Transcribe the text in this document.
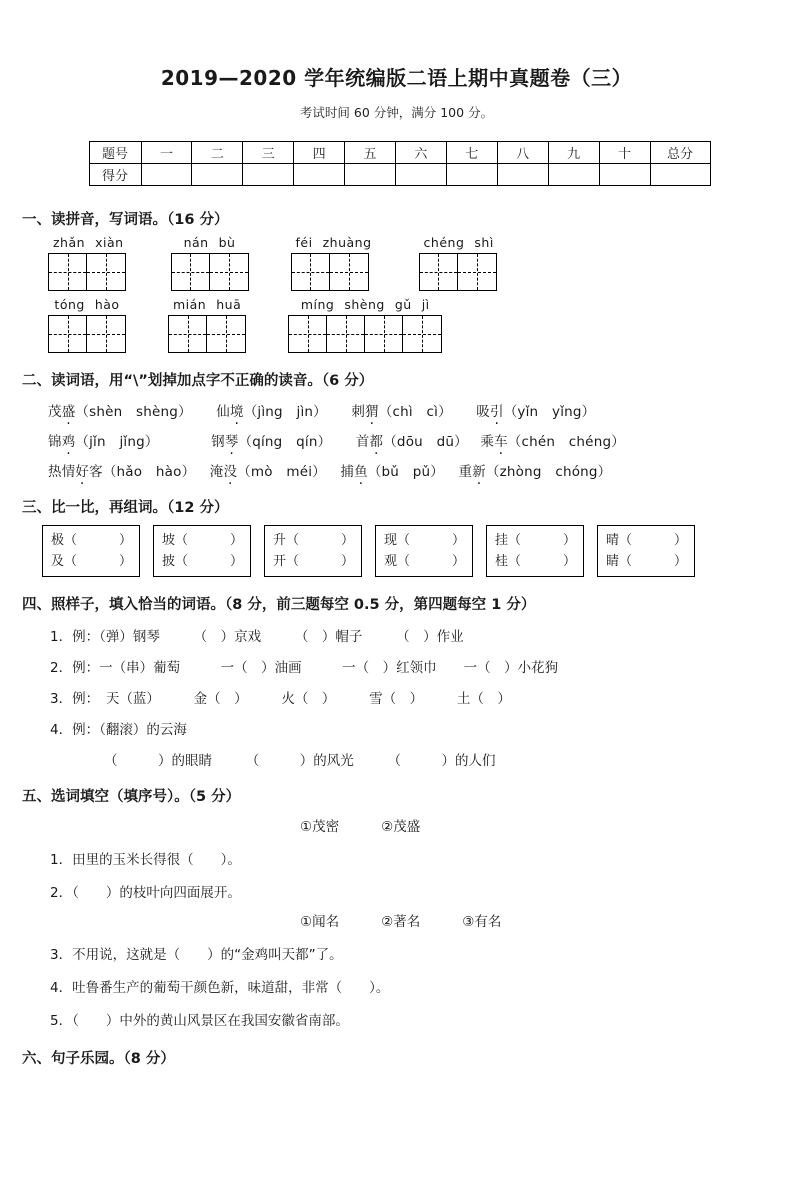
2019—2020 学年统编版二语上期中真题卷（三）
考试时间 60 分钟，满分 100 分。
题号	一	二	三	四	五	六	七	八	九	十	总分
得分											
一、读拼音，写词语。（16 分）
zhǎn xiàn	nán bù	féi zhuàng	chéng shì
tóng hào	mián huā	míng shèng gǔ jì
二、读词语，用“\”划掉加点字不正确的读音。（6 分）
茂盛（shèn　shèng） 仙境（jìng　jìn） 刺猬（chì　cì） 吸引（yǐn　yǐng）
锦鸡（jǐn　jǐng）	钢琴（qíng　qín） 首都（dōu　dū） 乘车（chén　chéng）
热情好客（hǎo　hào） 淹没（mò　méi） 捕鱼（bǔ　pǔ） 重新（zhòng　chóng）
三、比一比，再组词。（12 分）
极（	）
及（	）
坡（	）
披（	）
升（	）
开（	）
现（	）
观（	）
挂（	）
桂（	）
晴（	）
睛（	）
四、照样子，填入恰当的词语。（8 分，前三题每空 0.5 分，第四题每空 1 分）
1．例：（弹）钢琴　　　（　）京戏　　　（　）帽子　　　（　）作业
2．例：一（串）葡萄　　　一（　）油画　　　一（　）红领巾　　一（　）小花狗
3．例：　天（蓝）　　　金（　）　　　火（　）　　　雪（　）　　　土（　）
4．例：（翻滚）的云海
（　　　）的眼睛　　　（　　　）的风光　　　（　　　）的人们
五、选词填空（填序号）。（5 分）
①茂密	②茂盛
1．田里的玉米长得很（　　）。
2．（　　）的枝叶向四面展开。
①闻名	②著名	③有名
3．不用说，这就是（　　）的“金鸡叫天都”了。
4．吐鲁番生产的葡萄干颜色新，味道甜，非常（　　）。
5．（　　）中外的黄山风景区在我国安徽省南部。
六、句子乐园。（8 分）
